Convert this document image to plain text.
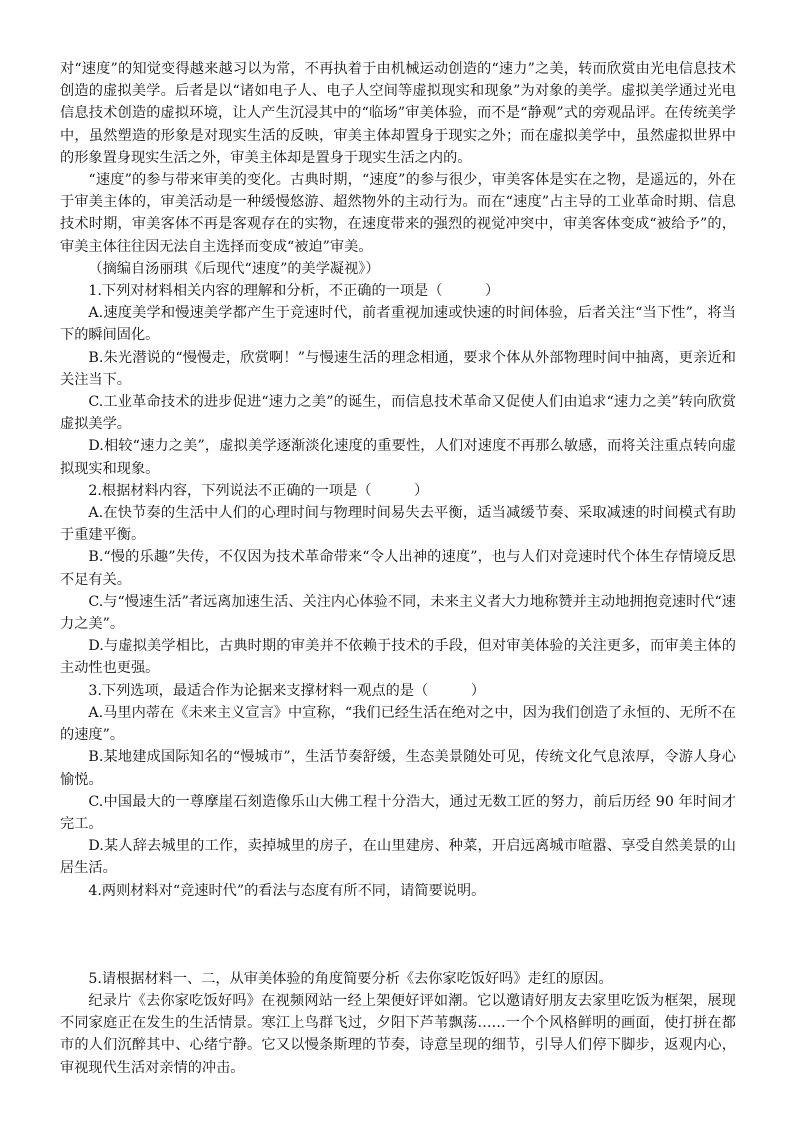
对“速度”的知觉变得越来越习以为常，不再执着于由机械运动创造的“速力”之美，转而欣赏由光电信息技术创造的虚拟美学。后者是以“诸如电子人、电子人空间等虚拟现实和现象”为对象的美学。虚拟美学通过光电信息技术创造的虚拟环境，让人产生沉浸其中的“临场”审美体验，而不是“静观”式的旁观品评。在传统美学中，虽然塑造的形象是对现实生活的反映，审美主体却置身于现实之外；而在虚拟美学中，虽然虚拟世界中的形象置身现实生活之外，审美主体却是置身于现实生活之内的。

“速度”的参与带来审美的变化。古典时期，“速度”的参与很少，审美客体是实在之物，是遥远的，外在于审美主体的，审美活动是一种缓慢悠游、超然物外的主动行为。而在“速度”占主导的工业革命时期、信息技术时期，审美客体不再是客观存在的实物，在速度带来的强烈的视觉冲突中，审美客体变成“被给予”的，审美主体往往因无法自主选择而变成“被迫”审美。

（摘编自汤丽琪《后现代“速度”的美学凝视》）

1.下列对材料相关内容的理解和分析，不正确的一项是（	）

A.速度美学和慢速美学都产生于竞速时代，前者重视加速或快速的时间体验，后者关注“当下性”，将当下的瞬间固化。

B.朱光潜说的“慢慢走，欣赏啊！”与慢速生活的理念相通，要求个体从外部物理时间中抽离，更亲近和关注当下。

C.工业革命技术的进步促进“速力之美”的诞生，而信息技术革命又促使人们由追求“速力之美”转向欣赏虚拟美学。

D.相较“速力之美”，虚拟美学逐渐淡化速度的重要性，人们对速度不再那么敏感，而将关注重点转向虚拟现实和现象。

2.根据材料内容，下列说法不正确的一项是（	）

A.在快节奏的生活中人们的心理时间与物理时间易失去平衡，适当减缓节奏、采取减速的时间模式有助于重建平衡。

B.“慢的乐趣”失传，不仅因为技术革命带来“令人出神的速度”，也与人们对竞速时代个体生存情境反思不足有关。

C.与“慢速生活”者远离加速生活、关注内心体验不同，未来主义者大力地称赞并主动地拥抱竞速时代“速力之美”。

D.与虚拟美学相比，古典时期的审美并不依赖于技术的手段，但对审美体验的关注更多，而审美主体的主动性也更强。

3.下列选项，最适合作为论据来支撑材料一观点的是（	）

A.马里内蒂在《未来主义宣言》中宣称，“我们已经生活在绝对之中，因为我们创造了永恒的、无所不在的速度”。

B.某地建成国际知名的“慢城市”，生活节奏舒缓，生态美景随处可见，传统文化气息浓厚，令游人身心愉悦。

C.中国最大的一尊摩崖石刻造像乐山大佛工程十分浩大，通过无数工匠的努力，前后历经 90 年时间才完工。

D.某人辞去城里的工作，卖掉城里的房子，在山里建房、种菜，开启远离城市喧嚣、享受自然美景的山居生活。

4.两则材料对“竞速时代”的看法与态度有所不同，请简要说明。

5.请根据材料一、二，从审美体验的角度简要分析《去你家吃饭好吗》走红的原因。

纪录片《去你家吃饭好吗》在视频网站一经上架便好评如潮。它以邀请好朋友去家里吃饭为框架，展现不同家庭正在发生的生活情景。寒江上鸟群飞过，夕阳下芦苇飘荡……一个个风格鲜明的画面，使打拼在都市的人们沉醉其中、心绪宁静。它又以慢条斯理的节奏，诗意呈现的细节，引导人们停下脚步，返观内心，审视现代生活对亲情的冲击。
